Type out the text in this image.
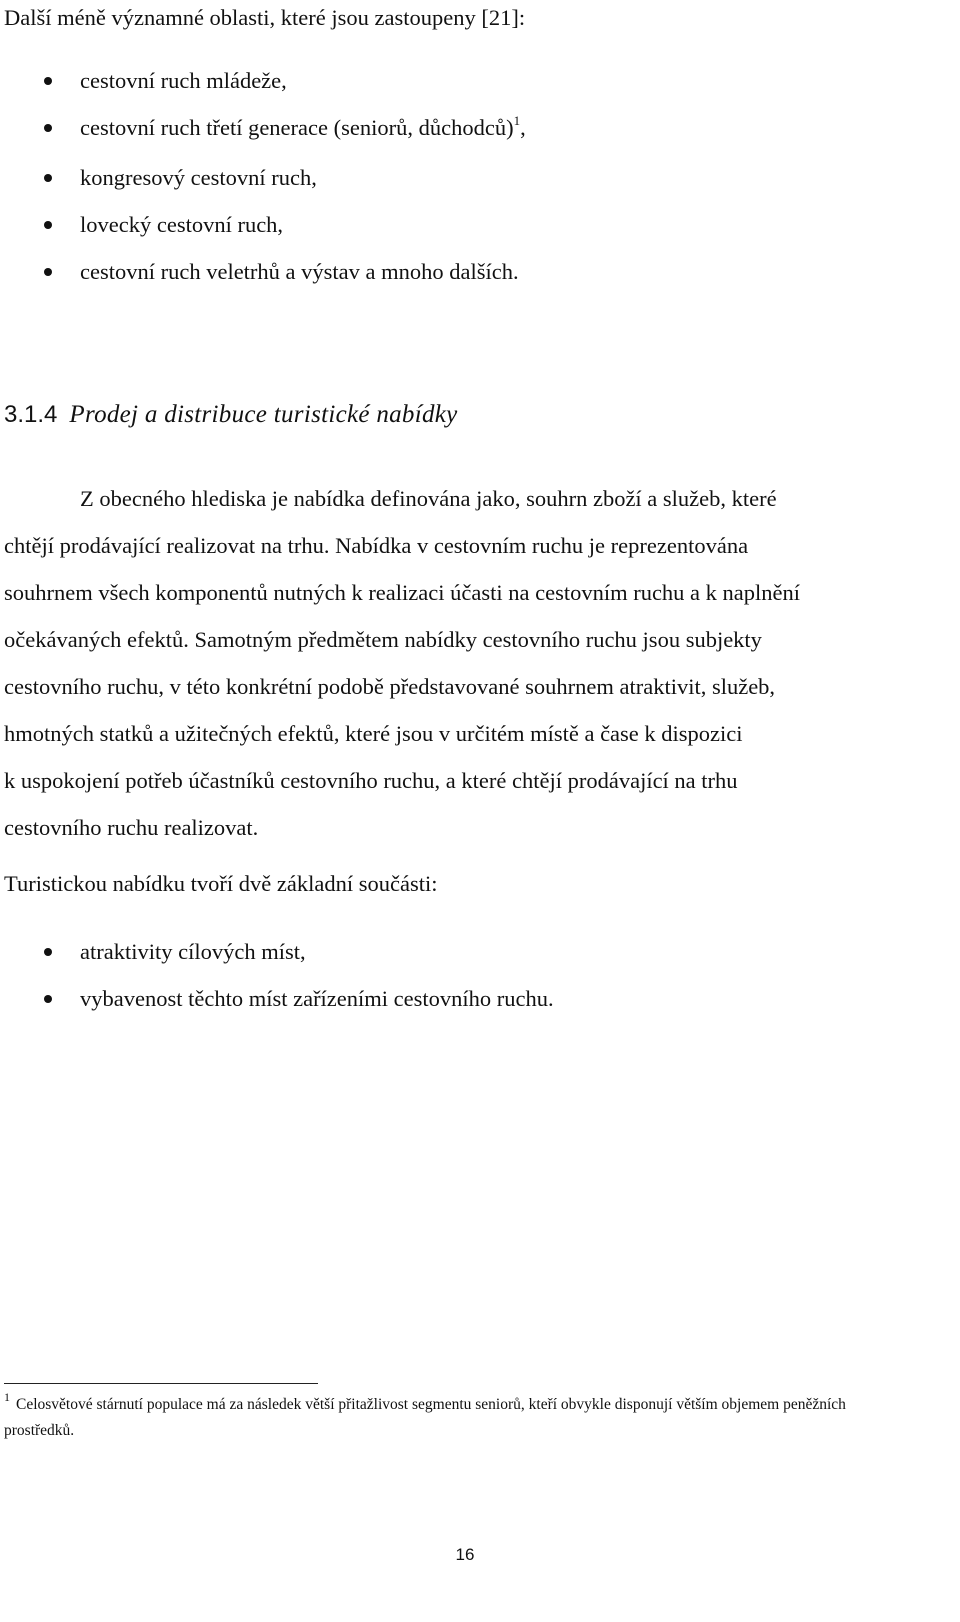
Další méně významné oblasti, které jsou zastoupeny [21]:
cestovní ruch mládeže,
cestovní ruch třetí generace (seniorů, důchodců)$^1$,
kongresový cestovní ruch,
lovecký cestovní ruch,
cestovní ruch veletrhů a výstav a mnoho dalších.
3.1.4 Prodej a distribuce turistické nabídky
Z obecného hlediska je nabídka definována jako, souhrn zboží a služeb, které
chtějí prodávající realizovat na trhu. Nabídka v cestovním ruchu je reprezentována
souhrnem všech komponentů nutných k realizaci účasti na cestovním ruchu a k naplnění
očekávaných efektů. Samotným předmětem nabídky cestovního ruchu jsou subjekty
cestovního ruchu, v této konkrétní podobě představované souhrnem atraktivit, služeb,
hmotných statků a užitečných efektů, které jsou v určitém místě a čase k dispozici
k uspokojení potřeb účastníků cestovního ruchu, a které chtějí prodávající na trhu
cestovního ruchu realizovat.
Turistickou nabídku tvoří dvě základní součásti:
atraktivity cílových míst,
vybavenost těchto míst zařízeními cestovního ruchu.
$^1$ Celosvětové stárnutí populace má za následek větší přitažlivost segmentu seniorů, kteří obvykle disponují větším objemem peněžních prostředků.
16
